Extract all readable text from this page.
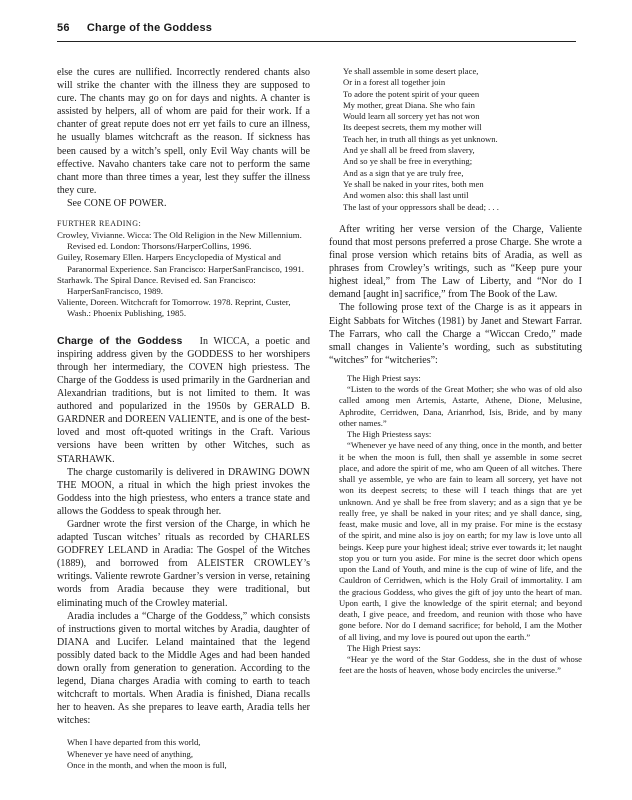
56 Charge of the Goddess

else the cures are nullified. Incorrectly rendered chants also will strike the chanter with the illness they are supposed to cure. The chants may go on for days and nights. A chanter is assisted by helpers, all of whom are paid for their work. If a chanter of great repute does not err yet fails to cure an illness, he usually blames witchcraft as the reason. If sickness has been caused by a witch’s spell, only Evil Way chants will be effective. Navaho chanters take care not to perform the same chant more than three times a year, lest they suffer the illness they cure.

See CONE OF POWER.
FURTHER READING:
Crowley, Vivianne. Wicca: The Old Religion in the New Millennium. Revised ed. London: Thorsons/HarperCollins, 1996.
Guiley, Rosemary Ellen. Harpers Encyclopedia of Mystical and Paranormal Experience. San Francisco: HarperSanFrancisco, 1991.
Starhawk. The Spiral Dance. Revised ed. San Francisco: HarperSanFrancisco, 1989.
Valiente, Doreen. Witchcraft for Tomorrow. 1978. Reprint, Custer, Wash.: Phoenix Publishing, 1985.

Charge of the Goddess In WICCA, a poetic and inspiring address given by the GODDESS to her worshipers through her intermediary, the COVEN high priestess. The Charge of the Goddess is used primarily in the Gardnerian and Alexandrian traditions, but is not limited to them. It was authored and popularized in the 1950s by GERALD B. GARDNER and DOREEN VALIENTE, and is one of the best-loved and most oft-quoted writings in the Craft. Various versions have been written by other Witches, such as STARHAWK.

The charge customarily is delivered in DRAWING DOWN THE MOON, a ritual in which the high priest invokes the Goddess into the high priestess, who enters a trance state and allows the Goddess to speak through her.

Gardner wrote the first version of the Charge, in which he adapted Tuscan witches’ rituals as recorded by CHARLES GODFREY LELAND in Aradia: The Gospel of the Witches (1889), and borrowed from ALEISTER CROWLEY’s writings. Valiente rewrote Gardner’s version in verse, retaining words from Aradia because they were traditional, but eliminating much of the Crowley material.

Aradia includes a “Charge of the Goddess,” which consists of instructions given to mortal witches by Aradia, daughter of DIANA and Lucifer. Leland maintained that the legend possibly dated back to the Middle Ages and had been handed down orally from generation to generation. According to the legend, Diana charges Aradia with coming to earth to teach witchcraft to mortals. When Aradia is finished, Diana recalls her to heaven. As she prepares to leave earth, Aradia tells her witches:

When I have departed from this world,
Whenever ye have need of anything,
Once in the month, and when the moon is full,
Ye shall assemble in some desert place,
Or in a forest all together join
To adore the potent spirit of your queen
My mother, great Diana. She who fain
Would learn all sorcery yet has not won
Its deepest secrets, them my mother will
Teach her, in truth all things as yet unknown.
And ye shall all be freed from slavery,
And so ye shall be free in everything;
And as a sign that ye are truly free,
Ye shall be naked in your rites, both men
And women also: this shall last until
The last of your oppressors shall be dead; . . .

After writing her verse version of the Charge, Valiente found that most persons preferred a prose Charge. She wrote a final prose version which retains bits of Aradia, as well as phrases from Crowley’s writings, such as “Keep pure your highest ideal,” from The Law of Liberty, and “Nor do I demand [aught in] sacrifice,” from The Book of the Law.

The following prose text of the Charge is as it appears in Eight Sabbats for Witches (1981) by Janet and Stewart Farrar. The Farrars, who call the Charge a “Wiccan Credo,” made small changes in Valiente’s wording, such as substituting “witches” for “witcheries”:

The High Priest says:
“Listen to the words of the Great Mother; she who was of old also called among men Artemis, Astarte, Athene, Dione, Melusine, Aphrodite, Cerridwen, Dana, Arianrhod, Isis, Bride, and by many other names.”
The High Priestess says:
“Whenever ye have need of any thing, once in the month, and better it be when the moon is full, then shall ye assemble in some secret place, and adore the spirit of me, who am Queen of all witches. There shall ye assemble, ye who are fain to learn all sorcery, yet have not won its deepest secrets; to these will I teach things that are yet unknown. And ye shall be free from slavery; and as a sign that ye be really free, ye shall be naked in your rites; and ye shall dance, sing, feast, make music and love, all in my praise. For mine is the ecstasy of the spirit, and mine also is joy on earth; for my law is love unto all beings. Keep pure your highest ideal; strive ever towards it; let naught stop you or turn you aside. For mine is the secret door which opens upon the Land of Youth, and mine is the cup of wine of life, and the Cauldron of Cerridwen, which is the Holy Grail of immortality. I am the gracious Goddess, who gives the gift of joy unto the heart of man. Upon earth, I give the knowledge of the spirit eternal; and beyond death, I give peace, and freedom, and reunion with those who have gone before. Nor do I demand sacrifice; for behold, I am the Mother of all living, and my love is poured out upon the earth.”
The High Priest says:
“Hear ye the word of the Star Goddess, she in the dust of whose feet are the hosts of heaven, whose body encircles the universe.”
